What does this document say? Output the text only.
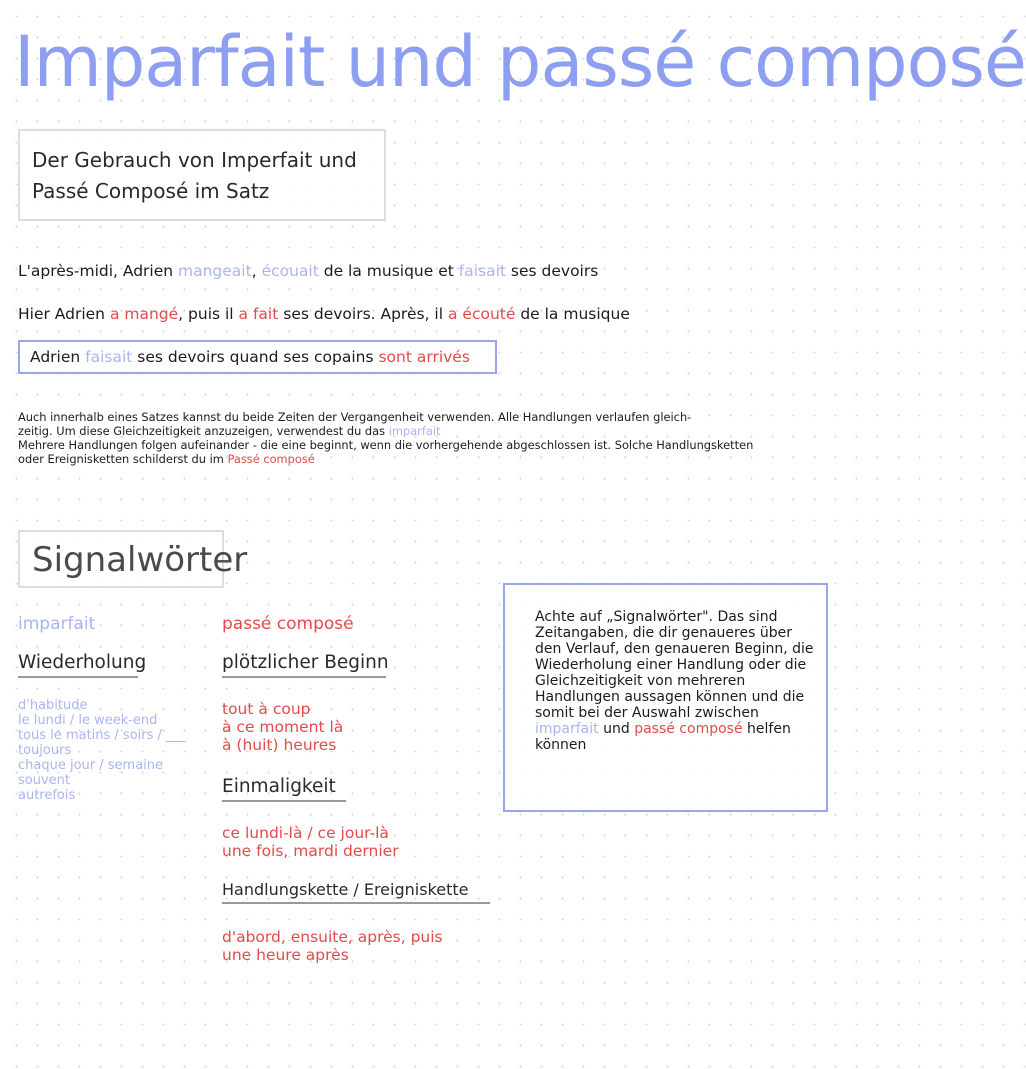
Imparfait und passé composé
Der Gebrauch von Imperfait und
Passé Composé im Satz
L'après-midi, Adrien mangeait, écouait de la musique et faisait ses devoirs
Hier Adrien a mangé, puis il a fait ses devoirs. Après, il a écouté de la musique
Adrien faisait ses devoirs quand ses copains sont arrivés
Auch innerhalb eines Satzes kannst du beide Zeiten der Vergangenheit verwenden. Alle Handlungen verlaufen gleich-
zeitig. Um diese Gleichzeitigkeit anzuzeigen, verwendest du das imparfait
Mehrere Handlungen folgen aufeinander - die eine beginnt, wenn die vorhergehende abgeschlossen ist. Solche Handlungsketten
oder Ereignisketten schilderst du im Passé composé
Signalwörter
imparfait
Wiederholung
d'habitude
le lundi / le week-end
tous le matins / soirs / ___
toujours
chaque jour / semaine
souvent
autrefois
passé composé
plötzlicher Beginn
tout à coup
à ce moment là
à (huit) heures
Einmaligkeit
ce lundi-là / ce jour-là
une fois, mardi dernier
Handlungskette / Ereigniskette
d'abord, ensuite, après, puis
une heure après
Achte auf „Signalwörter". Das sind Zeitangaben, die dir genaueres über den Verlauf, den genaueren Beginn, die Wiederholung einer Handlung oder die Gleichzeitigkeit von mehreren Handlungen aussagen können und die somit bei der Auswahl zwischen imparfait und passé composé helfen können
